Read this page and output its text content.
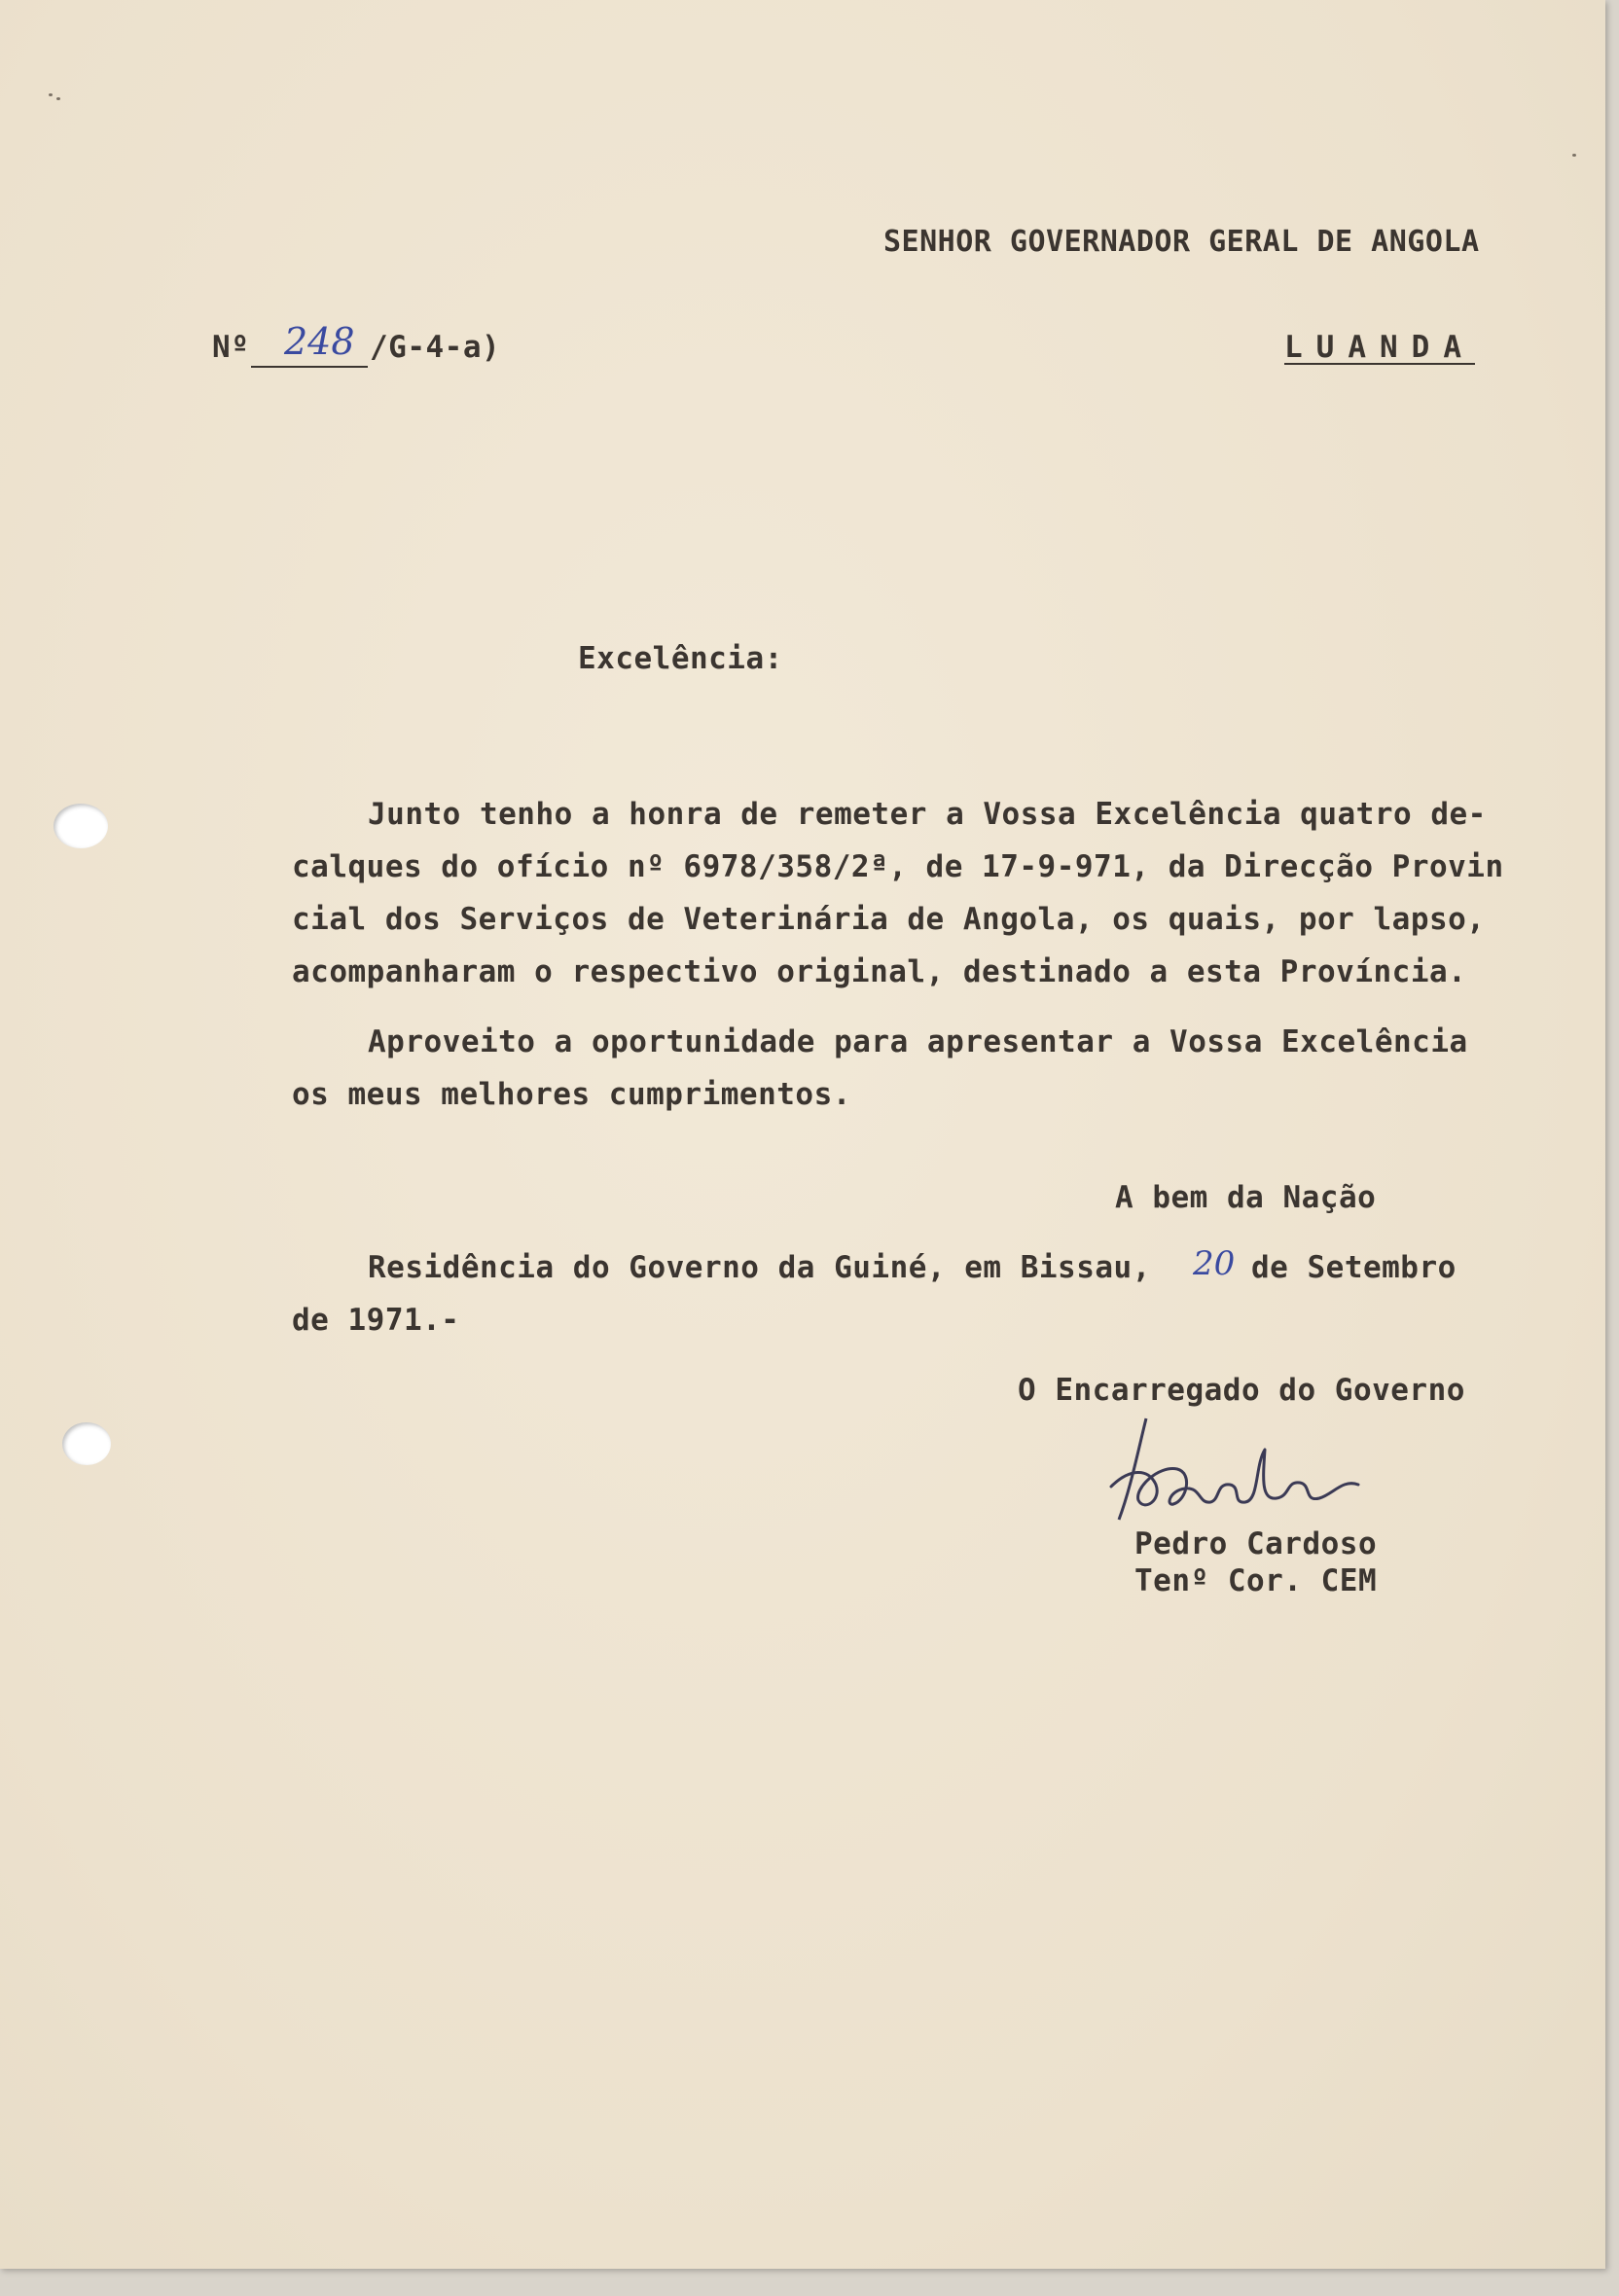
SENHOR GOVERNADOR GERAL DE ANGOLA
Nº 248 /G-4-a)	LUANDA
Excelência:
Junto tenho a honra de remeter a Vossa Excelência quatro de-
calques do ofício nº 6978/358/2ª, de 17-9-971, da Direcção Provin
cial dos Serviços de Veterinária de Angola, os quais, por lapso,
acompanharam o respectivo original, destinado a esta Província.
Aproveito a oportunidade para apresentar a Vossa Excelência
os meus melhores cumprimentos.
A bem da Nação
Residência do Governo da Guiné, em Bissau, 20 de Setembro
de 1971.-
O Encarregado do Governo
Pedro Cardoso
Tenº Cor. CEM
